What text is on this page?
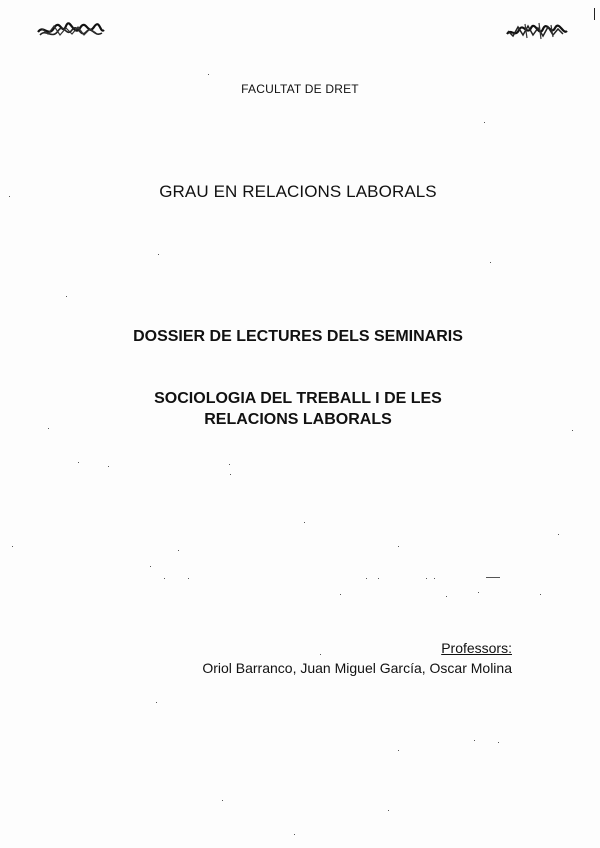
FACULTAT DE DRET
GRAU EN RELACIONS LABORALS
DOSSIER DE LECTURES DELS SEMINARIS
SOCIOLOGIA DEL TREBALL I DE LES
RELACIONS LABORALS
Professors:
Oriol Barranco, Juan Miguel García, Oscar Molina
